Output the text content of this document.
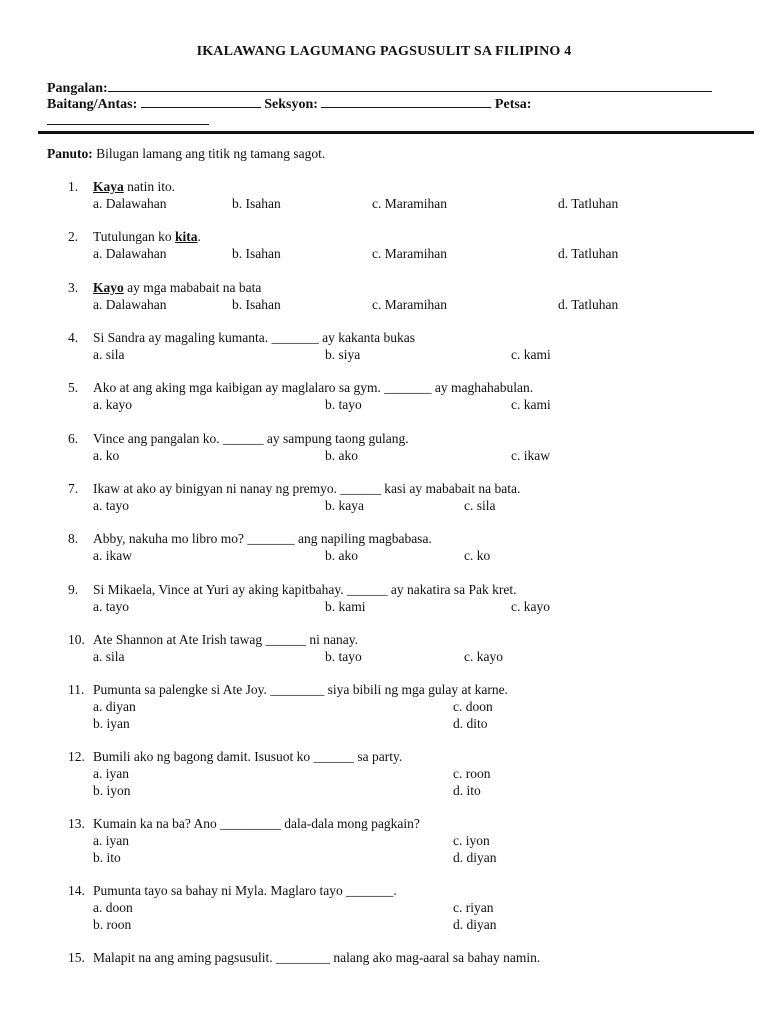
IKALAWANG LAGUMANG PAGSUSULIT SA FILIPINO 4
Pangalan:
Baitang/Antas:	Seksyon:	Petsa:
Panuto: Bilugan lamang ang titik ng tamang sagot.
1. Kaya natin ito.
a. Dalawahan	b. Isahan	c. Maramihan	d. Tatluhan
2. Tutulungan ko kita.
a. Dalawahan	b. Isahan	c. Maramihan	d. Tatluhan
3. Kayo ay mga mababait na bata
a. Dalawahan	b. Isahan	c. Maramihan	d. Tatluhan
4. Si Sandra ay magaling kumanta. _______ ay kakanta bukas
a. sila	b. siya	c. kami
5. Ako at ang aking mga kaibigan ay maglalaro sa gym. _______ ay maghahabulan.
a. kayo	b. tayo	c. kami
6. Vince ang pangalan ko. ______ ay sampung taong gulang.
a. ko	b. ako	c. ikaw
7. Ikaw at ako ay binigyan ni nanay ng premyo. ______ kasi ay mababait na bata.
a. tayo	b. kaya	c. sila
8. Abby, nakuha mo libro mo? _______ ang napiling magbabasa.
a. ikaw	b. ako	c. ko
9. Si Mikaela, Vince at Yuri ay aking kapitbahay. ______ ay nakatira sa Pak kret.
a. tayo	b. kami	c. kayo
10. Ate Shannon at Ate Irish tawag ______ ni nanay.
a. sila	b. tayo	c. kayo
11. Pumunta sa palengke si Ate Joy. ________ siya bibili ng mga gulay at karne.
a. diyan
b. iyan
c. doon
d. dito
12. Bumili ako ng bagong damit. Isusuot ko ______ sa party.
a. iyan
b. iyon
c. roon
d. ito
13. Kumain ka na ba? Ano _________ dala-dala mong pagkain?
a. iyan
b. ito
c. iyon
d. diyan
14. Pumunta tayo sa bahay ni Myla. Maglaro tayo _______.
a. doon
b. roon
c. riyan
d. diyan
15. Malapit na ang aming pagsusulit. ________ nalang ako mag-aaral sa bahay namin.
